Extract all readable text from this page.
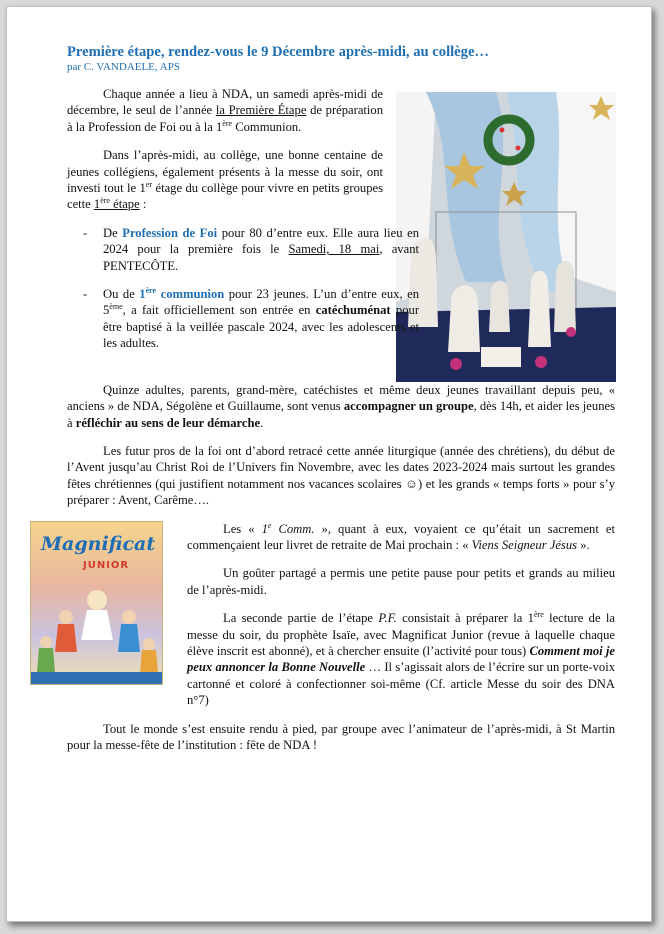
Première étape, rendez-vous le 9 Décembre après-midi, au collège…
par C. VANDAELE, APS

Chaque année a lieu à NDA, un samedi après-midi de décembre, le seul de l’année la Première Étape de préparation à la Profession de Foi ou à la 1ère Communion.

Dans l’après-midi, au collège, une bonne centaine de jeunes collégiens, également présents à la messe du soir, ont investi tout le 1er étage du collège pour vivre en petits groupes cette 1ère étape :

- De Profession de Foi pour 80 d’entre eux. Elle aura lieu en 2024 pour la première fois le Samedi, 18 mai, avant PENTECÔTE.

- Ou de 1ère communion pour 23 jeunes. L’un d’entre eux, en 5ème, a fait officiellement son entrée en catéchuménat pour être baptisé à la veillée pascale 2024, avec les adolescents et les adultes.

Quinze adultes, parents, grand-mère, catéchistes et même deux jeunes travaillant depuis peu, « anciens » de NDA, Ségolène et Guillaume, sont venus accompagner un groupe, dès 14h, et aider les jeunes à réfléchir au sens de leur démarche.

Les futur pros de la foi ont d’abord retracé cette année liturgique (année des chrétiens), du début de l’Avent jusqu’au Christ Roi de l’Univers fin Novembre, avec les dates 2023-2024 mais surtout les grandes fêtes chrétiennes (qui justifient notamment nos vacances scolaires ☺) et les grands « temps forts » pour s’y préparer : Avent, Carême….

Magnificat
JUNIOR

Les « 1e Comm. », quant à eux, voyaient ce qu’était un sacrement et commençaient leur livret de retraite de Mai prochain : « Viens Seigneur Jésus ».

Un goûter partagé a permis une petite pause pour petits et grands au milieu de l’après-midi.

La seconde partie de l’étape P.F. consistait à préparer la 1ère lecture de la messe du soir, du prophète Isaïe, avec Magnificat Junior (revue à laquelle chaque élève inscrit est abonné), et à chercher ensuite (l’activité pour tous) Comment moi je peux annoncer la Bonne Nouvelle … Il s’agissait alors de l’écrire sur un porte-voix cartonné et coloré à confectionner soi-même (Cf. article Messe du soir des DNA n°7)

Tout le monde s’est ensuite rendu à pied, par groupe avec l’animateur de l’après-midi, à St Martin pour la messe-fête de l’institution : fête de NDA !
